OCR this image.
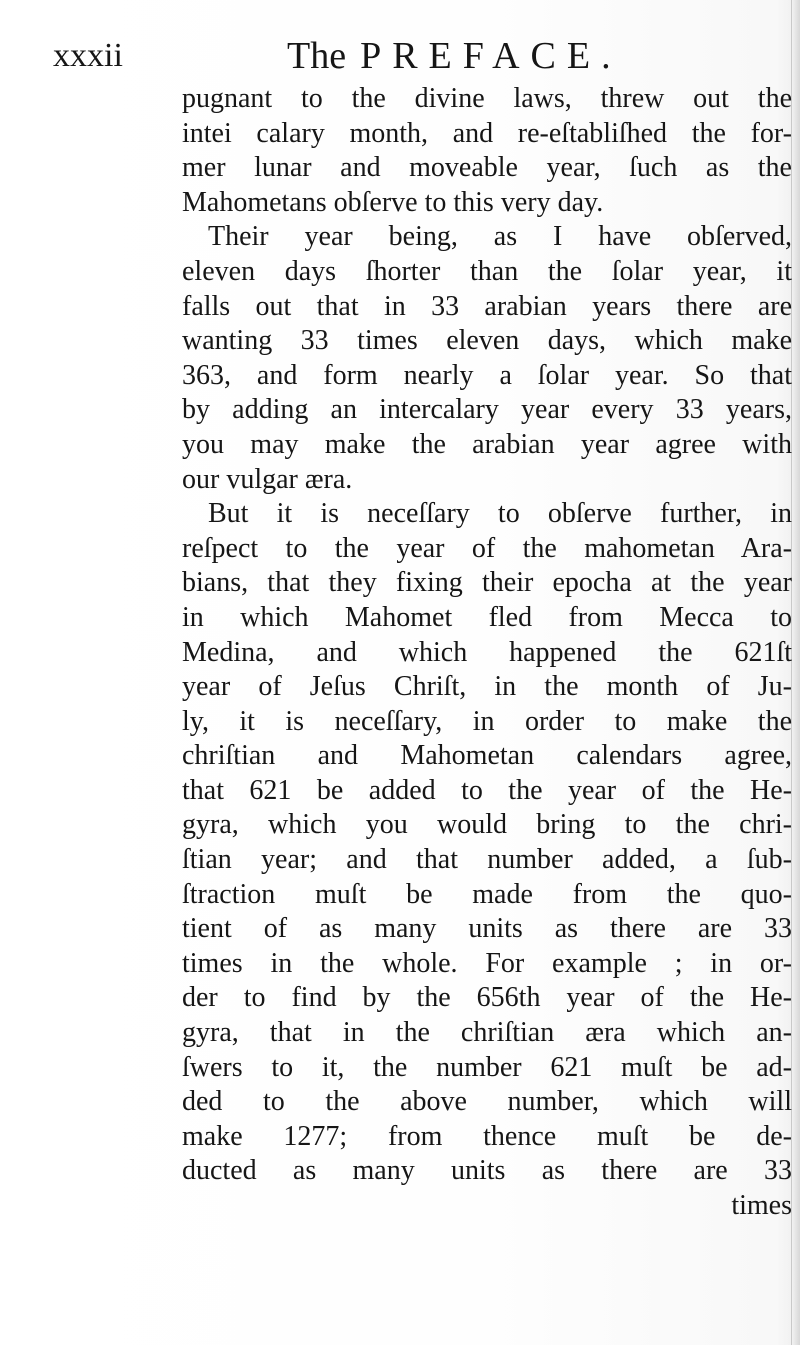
xxxii	The PREFACE.
pugnant to the divine laws, threw out the
intei calary month, and re-eſtabliſhed the for-
mer lunar and moveable year, ſuch as the
Mahometans obſerve to this very day.
Their year being, as I have obſerved,
eleven days ſhorter than the ſolar year, it
falls out that in 33 arabian years there are
wanting 33 times eleven days, which make
363, and form nearly a ſolar year. So that
by adding an intercalary year every 33 years,
you may make the arabian year agree with
our vulgar æra.
But it is neceſſary to obſerve further, in
reſpect to the year of the mahometan Ara-
bians, that they fixing their epocha at the year
in which Mahomet fled from Mecca to
Medina, and which happened the 621ſt
year of Jeſus Chriſt, in the month of Ju-
ly, it is neceſſary, in order to make the
chriſtian and Mahometan calendars agree,
that 621 be added to the year of the He-
gyra, which you would bring to the chri-
ſtian year; and that number added, a ſub-
ſtraction muſt be made from the quo-
tient of as many units as there are 33
times in the whole. For example ; in or-
der to find by the 656th year of the He-
gyra, that in the chriſtian æra which an-
ſwers to it, the number 621 muſt be ad-
ded to the above number, which will
make 1277; from thence muſt be de-
ducted as many units as there are 33
times
